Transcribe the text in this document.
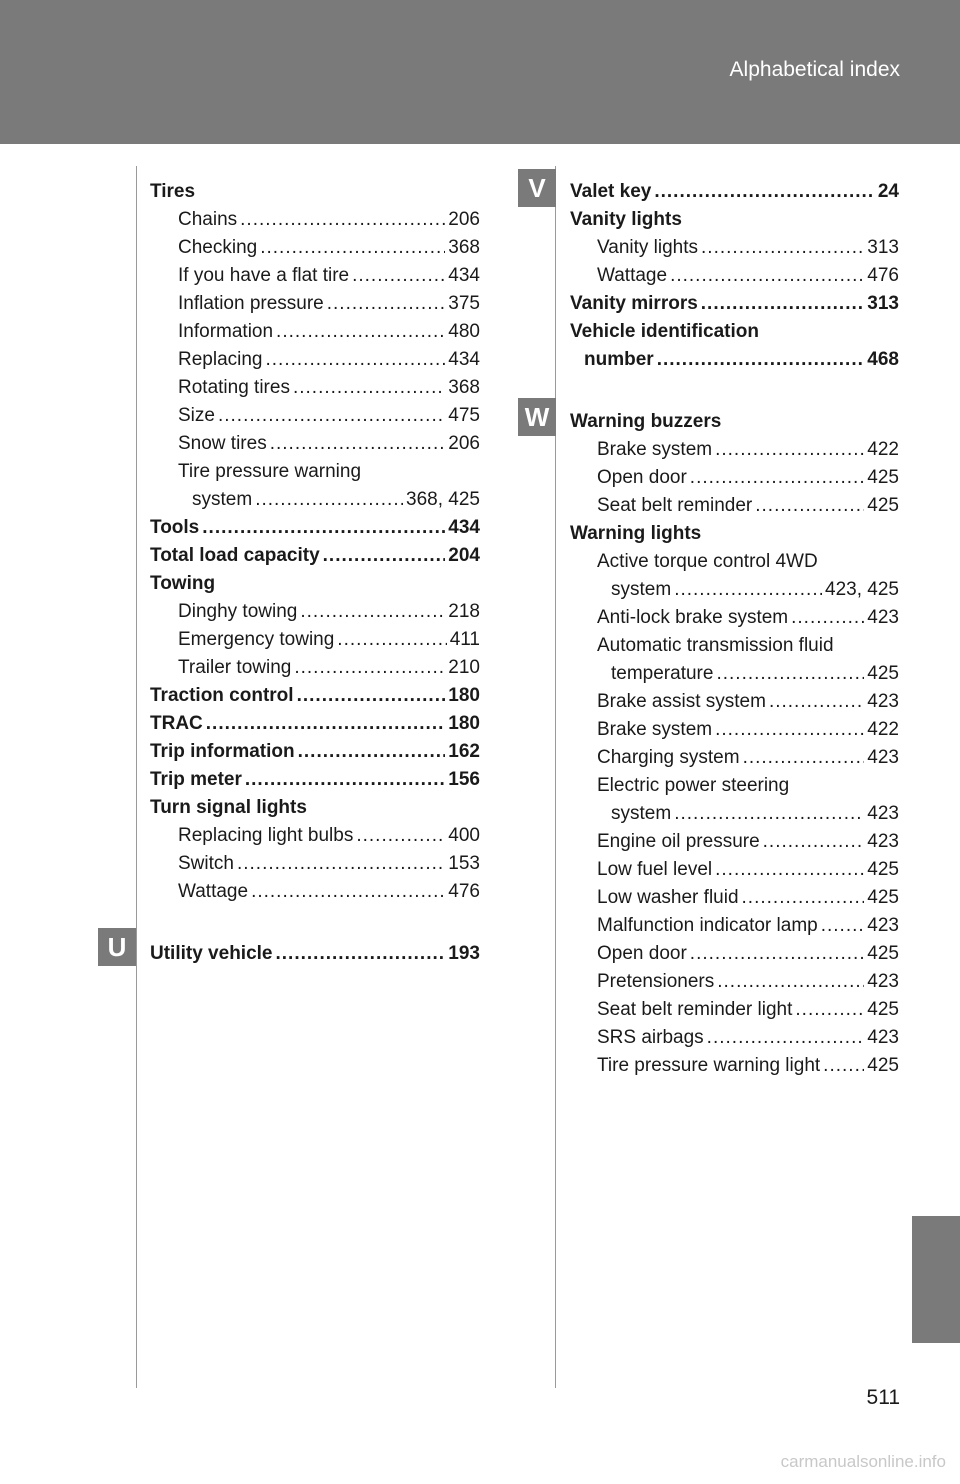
Alphabetical index
U
V
W
Tires
Chains .....	206
Checking .....	368
If you have a flat tire .....	434
Inflation pressure .....	375
Information .....	480
Replacing .....	434
Rotating tires .....	368
Size .....	475
Snow tires .....	206
Tire pressure warning
system .....	368, 425
Tools .....	434
Total load capacity .....	204
Towing
Dinghy towing .....	218
Emergency towing .....	411
Trailer towing .....	210
Traction control .....	180
TRAC .....	180
Trip information .....	162
Trip meter .....	156
Turn signal lights
Replacing light bulbs .....	400
Switch .....	153
Wattage .....	476
Utility vehicle .....	193
Valet key .....	24
Vanity lights
Vanity lights .....	313
Wattage .....	476
Vanity mirrors .....	313
Vehicle identification
number .....	468
Warning buzzers
Brake system .....	422
Open door .....	425
Seat belt reminder .....	425
Warning lights
Active torque control 4WD
system .....	423, 425
Anti-lock brake system .....	423
Automatic transmission fluid
temperature .....	425
Brake assist system .....	423
Brake system .....	422
Charging system .....	423
Electric power steering
system .....	423
Engine oil pressure .....	423
Low fuel level .....	425
Low washer fluid .....	425
Malfunction indicator lamp .....	423
Open door .....	425
Pretensioners .....	423
Seat belt reminder light .....	425
SRS airbags .....	423
Tire pressure warning light ..... 425
511
carmanualsonline.info
